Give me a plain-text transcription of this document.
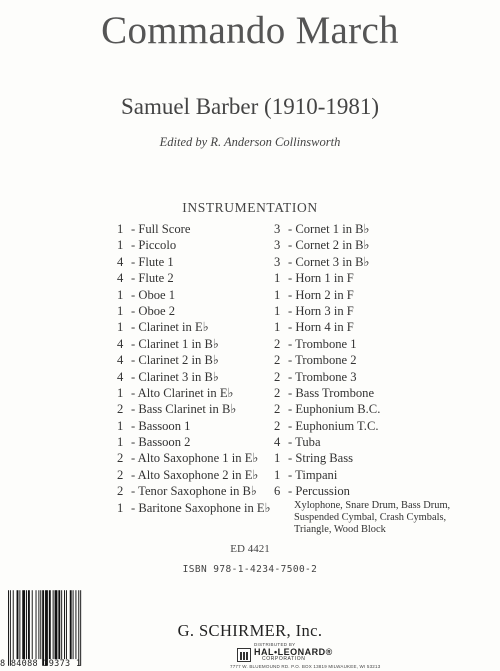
Commando March
Samuel Barber (1910-1981)
Edited by R. Anderson Collinsworth
INSTRUMENTATION
1 - Full Score
1 - Piccolo
4 - Flute 1
4 - Flute 2
1 - Oboe 1
1 - Oboe 2
1 - Clarinet in E♭
4 - Clarinet 1 in B♭
4 - Clarinet 2 in B♭
4 - Clarinet 3 in B♭
1 - Alto Clarinet in E♭
2 - Bass Clarinet in B♭
1 - Bassoon 1
1 - Bassoon 2
2 - Alto Saxophone 1 in E♭
2 - Alto Saxophone 2 in E♭
2 - Tenor Saxophone in B♭
1 - Baritone Saxophone in E♭
3 - Cornet 1 in B♭
3 - Cornet 2 in B♭
3 - Cornet 3 in B♭
1 - Horn 1 in F
1 - Horn 2 in F
1 - Horn 3 in F
1 - Horn 4 in F
2 - Trombone 1
2 - Trombone 2
2 - Trombone 3
2 - Bass Trombone
2 - Euphonium B.C.
2 - Euphonium T.C.
4 - Tuba
1 - String Bass
1 - Timpani
6 - Percussion
Xylophone, Snare Drum, Bass Drum,
Suspended Cymbal, Crash Cymbals,
Triangle, Wood Block
ED 4421
ISBN 978-1-4234-7500-2
8 84088 39373 1
G. SCHIRMER, Inc.
DISTRIBUTED BY
HAL•LEONARD®
CORPORATION
7777 W. BLUEMOUND RD. P.O. BOX 13819 MILWAUKEE, WI 53213
